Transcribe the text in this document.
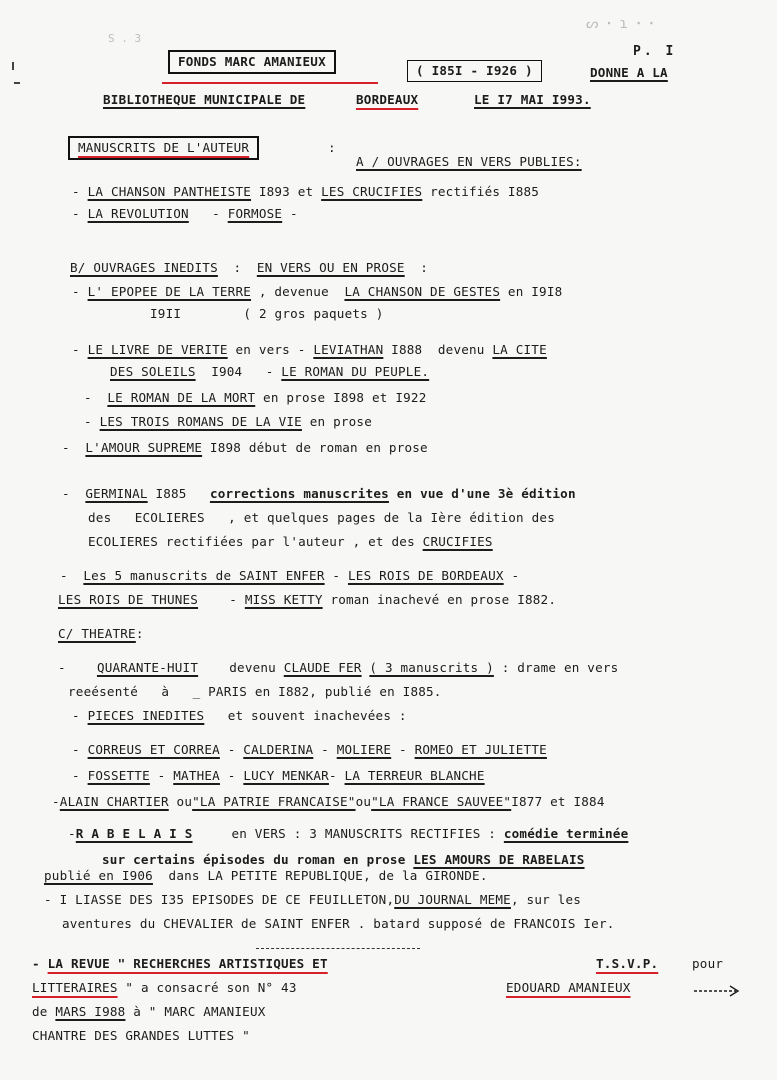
S . 3
ᔕ ꞏ ɿ ꞏ ꞏ
P. I
FONDS MARC AMANIEUX
( I85I - I926 )	DONNE A LA
BIBLIOTHEQUE MUNICIPALE DE	BORDEAUX	LE I7 MAI I993.
MANUSCRITS DE L'AUTEUR	:
A / OUVRAGES EN VERS PUBLIES:
- LA CHANSON PANTHEISTE I893 et LES CRUCIFIES rectifiés I885
- LA REVOLUTION - FORMOSE -
B/ OUVRAGES INEDITS : EN VERS OU EN PROSE :
- L' EPOPEE DE LA TERRE , devenue LA CHANSON DE GESTES en I9I8
I9II	( 2 gros paquets )
- LE LIVRE DE VERITE en vers - LEVIATHAN I888 devenu LA CITE
DES SOLEILS I904 - LE ROMAN DU PEUPLE.
- LE ROMAN DE LA MORT en prose I898 et I922
- LES TROIS ROMANS DE LA VIE en prose
- L'AMOUR SUPREME I898 début de roman en prose
- GERMINAL I885 corrections manuscrites en vue d'une 3è édition
des ECOLIERES , et quelques pages de la Ière édition des
ECOLIERES rectifiées par l'auteur , et des CRUCIFIES
- Les 5 manuscrits de SAINT ENFER - LES ROIS DE BORDEAUX -
LES ROIS DE THUNES - MISS KETTY roman inachevé en prose I882.
C/ THEATRE:
- QUARANTE-HUIT devenu CLAUDE FER ( 3 manuscrits ) : drame en vers
reeésenté à _ PARIS en I882, publié en I885.
- PIECES INEDITES et souvent inachevées :
- CORREUS ET CORREA - CALDERINA - MOLIERE - ROMEO ET JULIETTE
- FOSSETTE - MATHEA - LUCY MENKAR- LA TERREUR BLANCHE
-ALAIN CHARTIER ou"LA PATRIE FRANCAISE"ou"LA FRANCE SAUVEE"I877 et I884
-R A B E L A I S	en VERS : 3 MANUSCRITS RECTIFIES : comédie terminée
sur certains épisodes du roman en prose LES AMOURS DE RABELAIS
publié en I906 dans LA PETITE REPUBLIQUE, de la GIRONDE.
- I LIASSE DES I35 EPISODES DE CE FEUILLETON,DU JOURNAL MEME, sur les
aventures du CHEVALIER de SAINT ENFER . batard supposé de FRANCOIS Ier.
- LA REVUE " RECHERCHES ARTISTIQUES ET
LITTERAIRES " a consacré son N° 43
de MARS I988 à " MARC AMANIEUX
CHANTRE DES GRANDES LUTTES "
T.S.V.P.	pour
EDOUARD AMANIEUX
